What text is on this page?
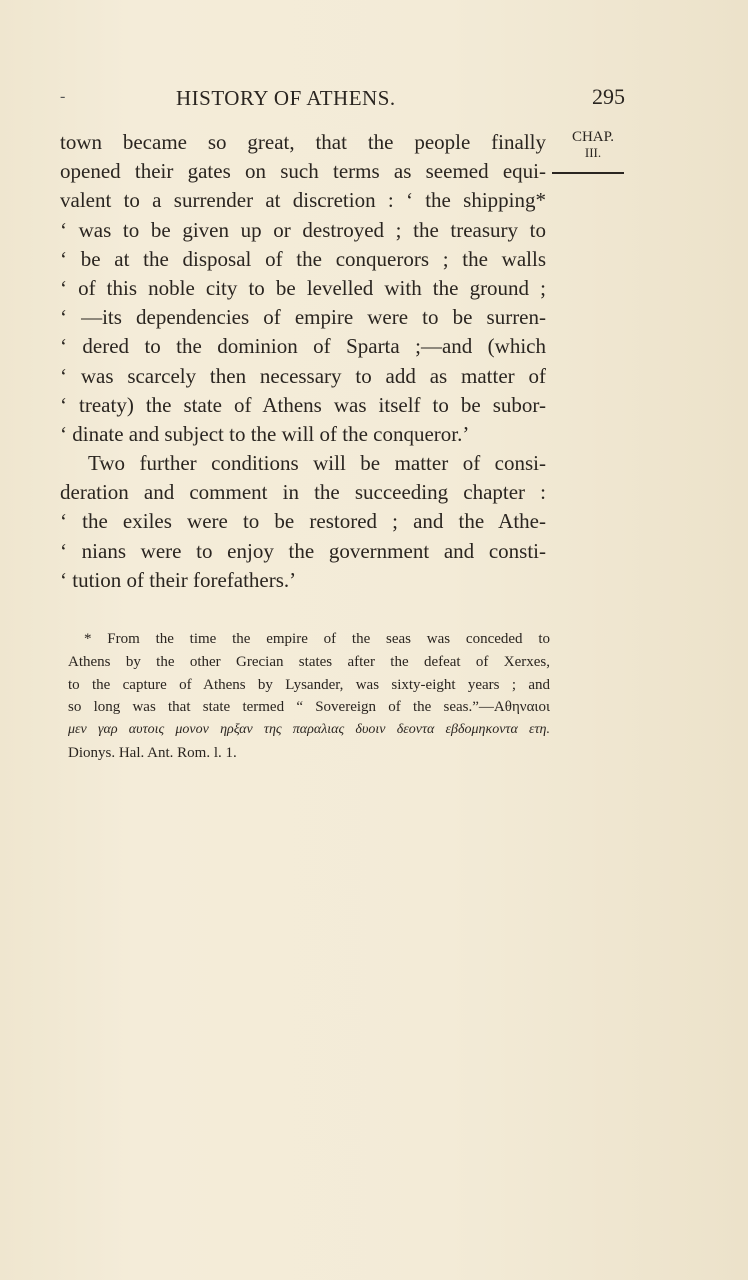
-	HISTORY OF ATHENS.	295
CHAP.
III.
town became so great, that the people finally
opened their gates on such terms as seemed equi-
valent to a surrender at discretion : ‘ the shipping*
‘ was to be given up or destroyed ; the treasury to
‘ be at the disposal of the conquerors ; the walls
‘ of this noble city to be levelled with the ground ;
‘ —its dependencies of empire were to be surren-
‘ dered to the dominion of Sparta ;—and (which
‘ was scarcely then necessary to add as matter of
‘ treaty) the state of Athens was itself to be subor-
‘ dinate and subject to the will of the conqueror.’
Two further conditions will be matter of consi-
deration and comment in the succeeding chapter :
‘ the exiles were to be restored ; and the Athe-
‘ nians were to enjoy the government and consti-
‘ tution of their forefathers.’
* From the time the empire of the seas was conceded to
Athens by the other Grecian states after the defeat of Xerxes,
to the capture of Athens by Lysander, was sixty-eight years ; and
so long was that state termed “ Sovereign of the seas.”—Αθηναιοι
μεν γαρ αυτοις μονον ηρξαν της παραλιας δυοιν δεοντα εβδομηκοντα ετη.
Dionys. Hal. Ant. Rom. l. 1.
